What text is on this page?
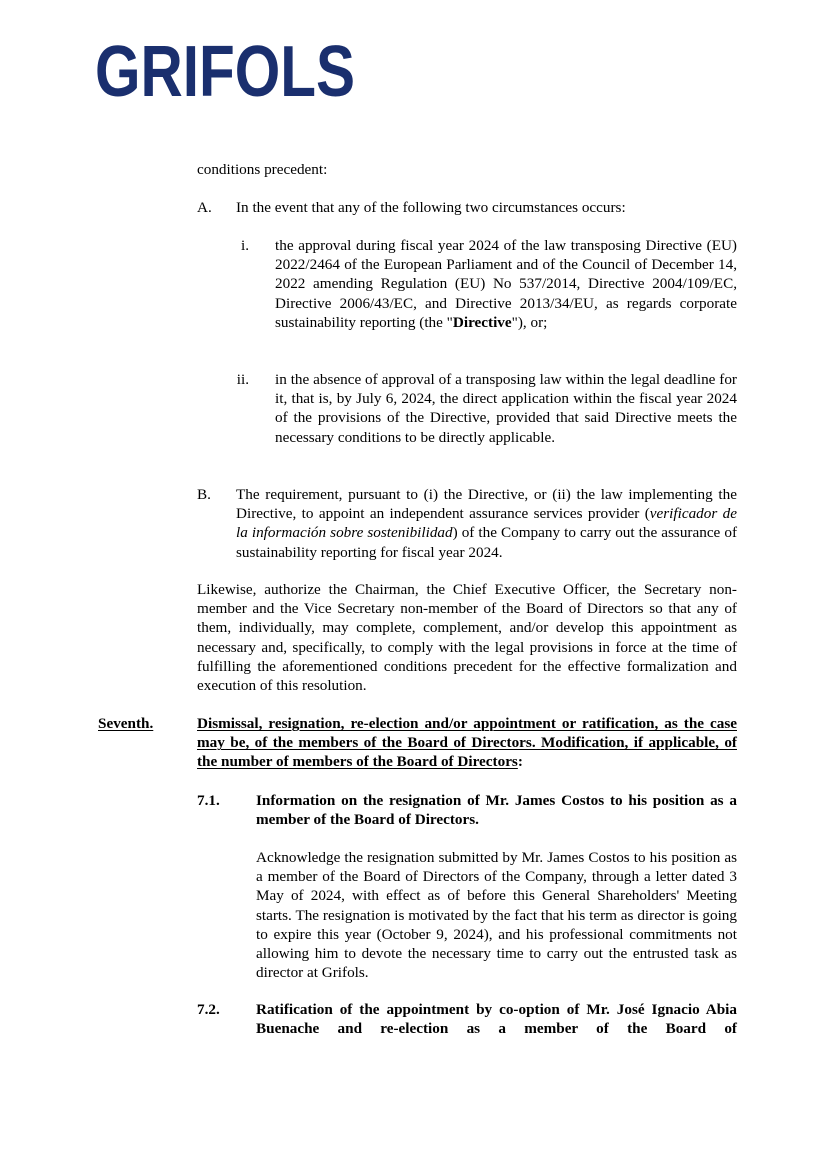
GRIFOLS

conditions precedent:

A. In the event that any of the following two circumstances occurs:

i. the approval during fiscal year 2024 of the law transposing Directive (EU) 2022/2464 of the European Parliament and of the Council of December 14, 2022 amending Regulation (EU) No 537/2014, Directive 2004/109/EC, Directive 2006/43/EC, and Directive 2013/34/EU, as regards corporate sustainability reporting (the "Directive"), or;

ii. in the absence of approval of a transposing law within the legal deadline for it, that is, by July 6, 2024, the direct application within the fiscal year 2024 of the provisions of the Directive, provided that said Directive meets the necessary conditions to be directly applicable.

B. The requirement, pursuant to (i) the Directive, or (ii) the law implementing the Directive, to appoint an independent assurance services provider (verificador de la información sobre sostenibilidad) of the Company to carry out the assurance of sustainability reporting for fiscal year 2024.

Likewise, authorize the Chairman, the Chief Executive Officer, the Secretary non-member and the Vice Secretary non-member of the Board of Directors so that any of them, individually, may complete, complement, and/or develop this appointment as necessary and, specifically, to comply with the legal provisions in force at the time of fulfilling the aforementioned conditions precedent for the effective formalization and execution of this resolution.

Seventh.	Dismissal, resignation, re-election and/or appointment or ratification, as the case may be, of the members of the Board of Directors. Modification, if applicable, of the number of members of the Board of Directors:

7.1. Information on the resignation of Mr. James Costos to his position as a member of the Board of Directors.

Acknowledge the resignation submitted by Mr. James Costos to his position as a member of the Board of Directors of the Company, through a letter dated 3 May of 2024, with effect as of before this General Shareholders' Meeting starts. The resignation is motivated by the fact that his term as director is going to expire this year (October 9, 2024), and his professional commitments not allowing him to devote the necessary time to carry out the entrusted task as director at Grifols.

7.2. Ratification of the appointment by co-option of Mr. José Ignacio Abia Buenache and re-election as a member of the Board of
